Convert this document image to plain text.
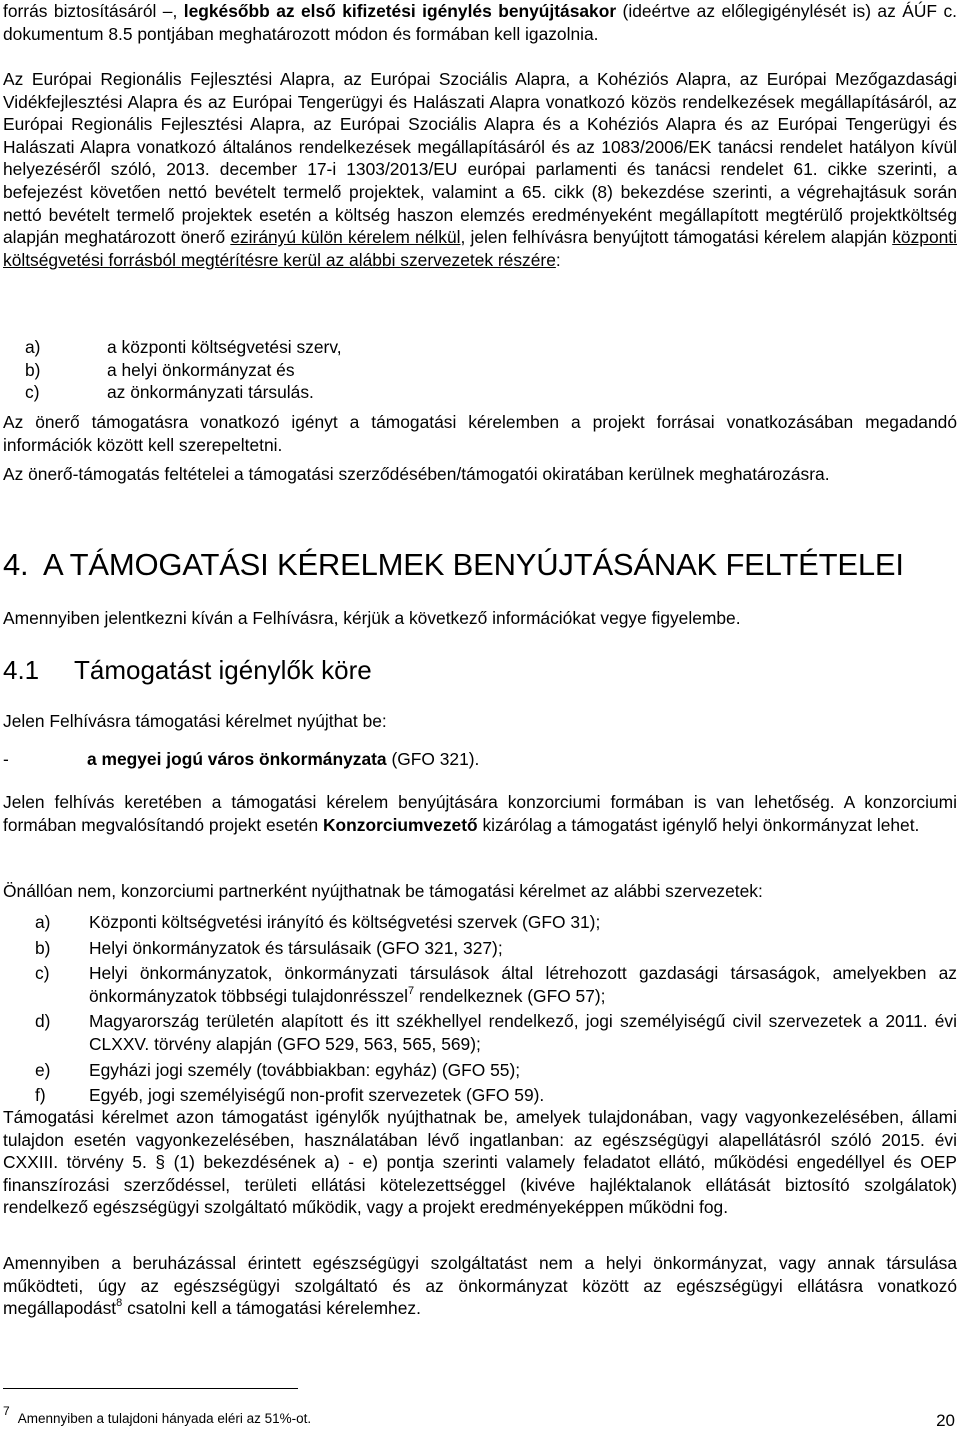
forrás biztosításáról –, legkésőbb az első kifizetési igénylés benyújtásakor (ideértve az előlegigénylését is) az ÁÚF c. dokumentum 8.5 pontjában meghatározott módon és formában kell igazolnia.

Az Európai Regionális Fejlesztési Alapra, az Európai Szociális Alapra, a Kohéziós Alapra, az Európai Mezőgazdasági Vidékfejlesztési Alapra és az Európai Tengerügyi és Halászati Alapra vonatkozó közös rendelkezések megállapításáról, az Európai Regionális Fejlesztési Alapra, az Európai Szociális Alapra és a Kohéziós Alapra és az Európai Tengerügyi és Halászati Alapra vonatkozó általános rendelkezések megállapításáról és az 1083/2006/EK tanácsi rendelet hatályon kívül helyezéséről szóló, 2013. december 17-i 1303/2013/EU európai parlamenti és tanácsi rendelet 61. cikke szerinti, a befejezést követően nettó bevételt termelő projektek, valamint a 65. cikk (8) bekezdése szerinti, a végrehajtásuk során nettó bevételt termelő projektek esetén a költség haszon elemzés eredményeként megállapított megtérülő projektköltség alapján meghatározott önerő ezirányú külön kérelem nélkül, jelen felhívásra benyújtott támogatási kérelem alapján központi költségvetési forrásból megtérítésre kerül az alábbi szervezetek részére:

a)	a központi költségvetési szerv,
b)	a helyi önkormányzat és
c)	az önkormányzati társulás.

Az önerő támogatásra vonatkozó igényt a támogatási kérelemben a projekt forrásai vonatkozásában megadandó információk között kell szerepeltetni.

Az önerő-támogatás feltételei a támogatási szerződésében/támogatói okiratában kerülnek meghatározásra.

4. A TÁMOGATÁSI KÉRELMEK BENYÚJTÁSÁNAK FELTÉTELEI

Amennyiben jelentkezni kíván a Felhívásra, kérjük a következő információkat vegye figyelembe.

4.1 Támogatást igénylők köre

Jelen Felhívásra támogatási kérelmet nyújthat be:

-	a megyei jogú város önkormányzata (GFO 321).

Jelen felhívás keretében a támogatási kérelem benyújtására konzorciumi formában is van lehetőség. A konzorciumi formában megvalósítandó projekt esetén Konzorciumvezető kizárólag a támogatást igénylő helyi önkormányzat lehet.

Önállóan nem, konzorciumi partnerként nyújthatnak be támogatási kérelmet az alábbi szervezetek:

a)	Központi költségvetési irányító és költségvetési szervek (GFO 31);
b)	Helyi önkormányzatok és társulásaik (GFO 321, 327);
c)	Helyi önkormányzatok, önkormányzati társulások által létrehozott gazdasági társaságok, amelyekben az önkormányzatok többségi tulajdonrésszel$^7$ rendelkeznek (GFO 57);
d)	Magyarország területén alapított és itt székhellyel rendelkező, jogi személyiségű civil szervezetek a 2011. évi CLXXV. törvény alapján (GFO 529, 563, 565, 569);
e)	Egyházi jogi személy (továbbiakban: egyház) (GFO 55);
f)	Egyéb, jogi személyiségű non-profit szervezetek (GFO 59).

Támogatási kérelmet azon támogatást igénylők nyújthatnak be, amelyek tulajdonában, vagy vagyonkezelésében, állami tulajdon esetén vagyonkezelésében, használatában lévő ingatlanban: az egészségügyi alapellátásról szóló 2015. évi CXXIII. törvény 5. § (1) bekezdésének a) - e) pontja szerinti valamely feladatot ellátó, működési engedéllyel és OEP finanszírozási szerződéssel, területi ellátási kötelezettséggel (kivéve hajléktalanok ellátását biztosító szolgálatok) rendelkező egészségügyi szolgáltató működik, vagy a projekt eredményeképpen működni fog.

Amennyiben a beruházással érintett egészségügyi szolgáltatást nem a helyi önkormányzat, vagy annak társulása működteti, úgy az egészségügyi szolgáltató és az önkormányzat között az egészségügyi ellátásra vonatkozó megállapodást$^8$ csatolni kell a támogatási kérelemhez.

7 Amennyiben a tulajdoni hányada eléri az 51%-ot.	20
